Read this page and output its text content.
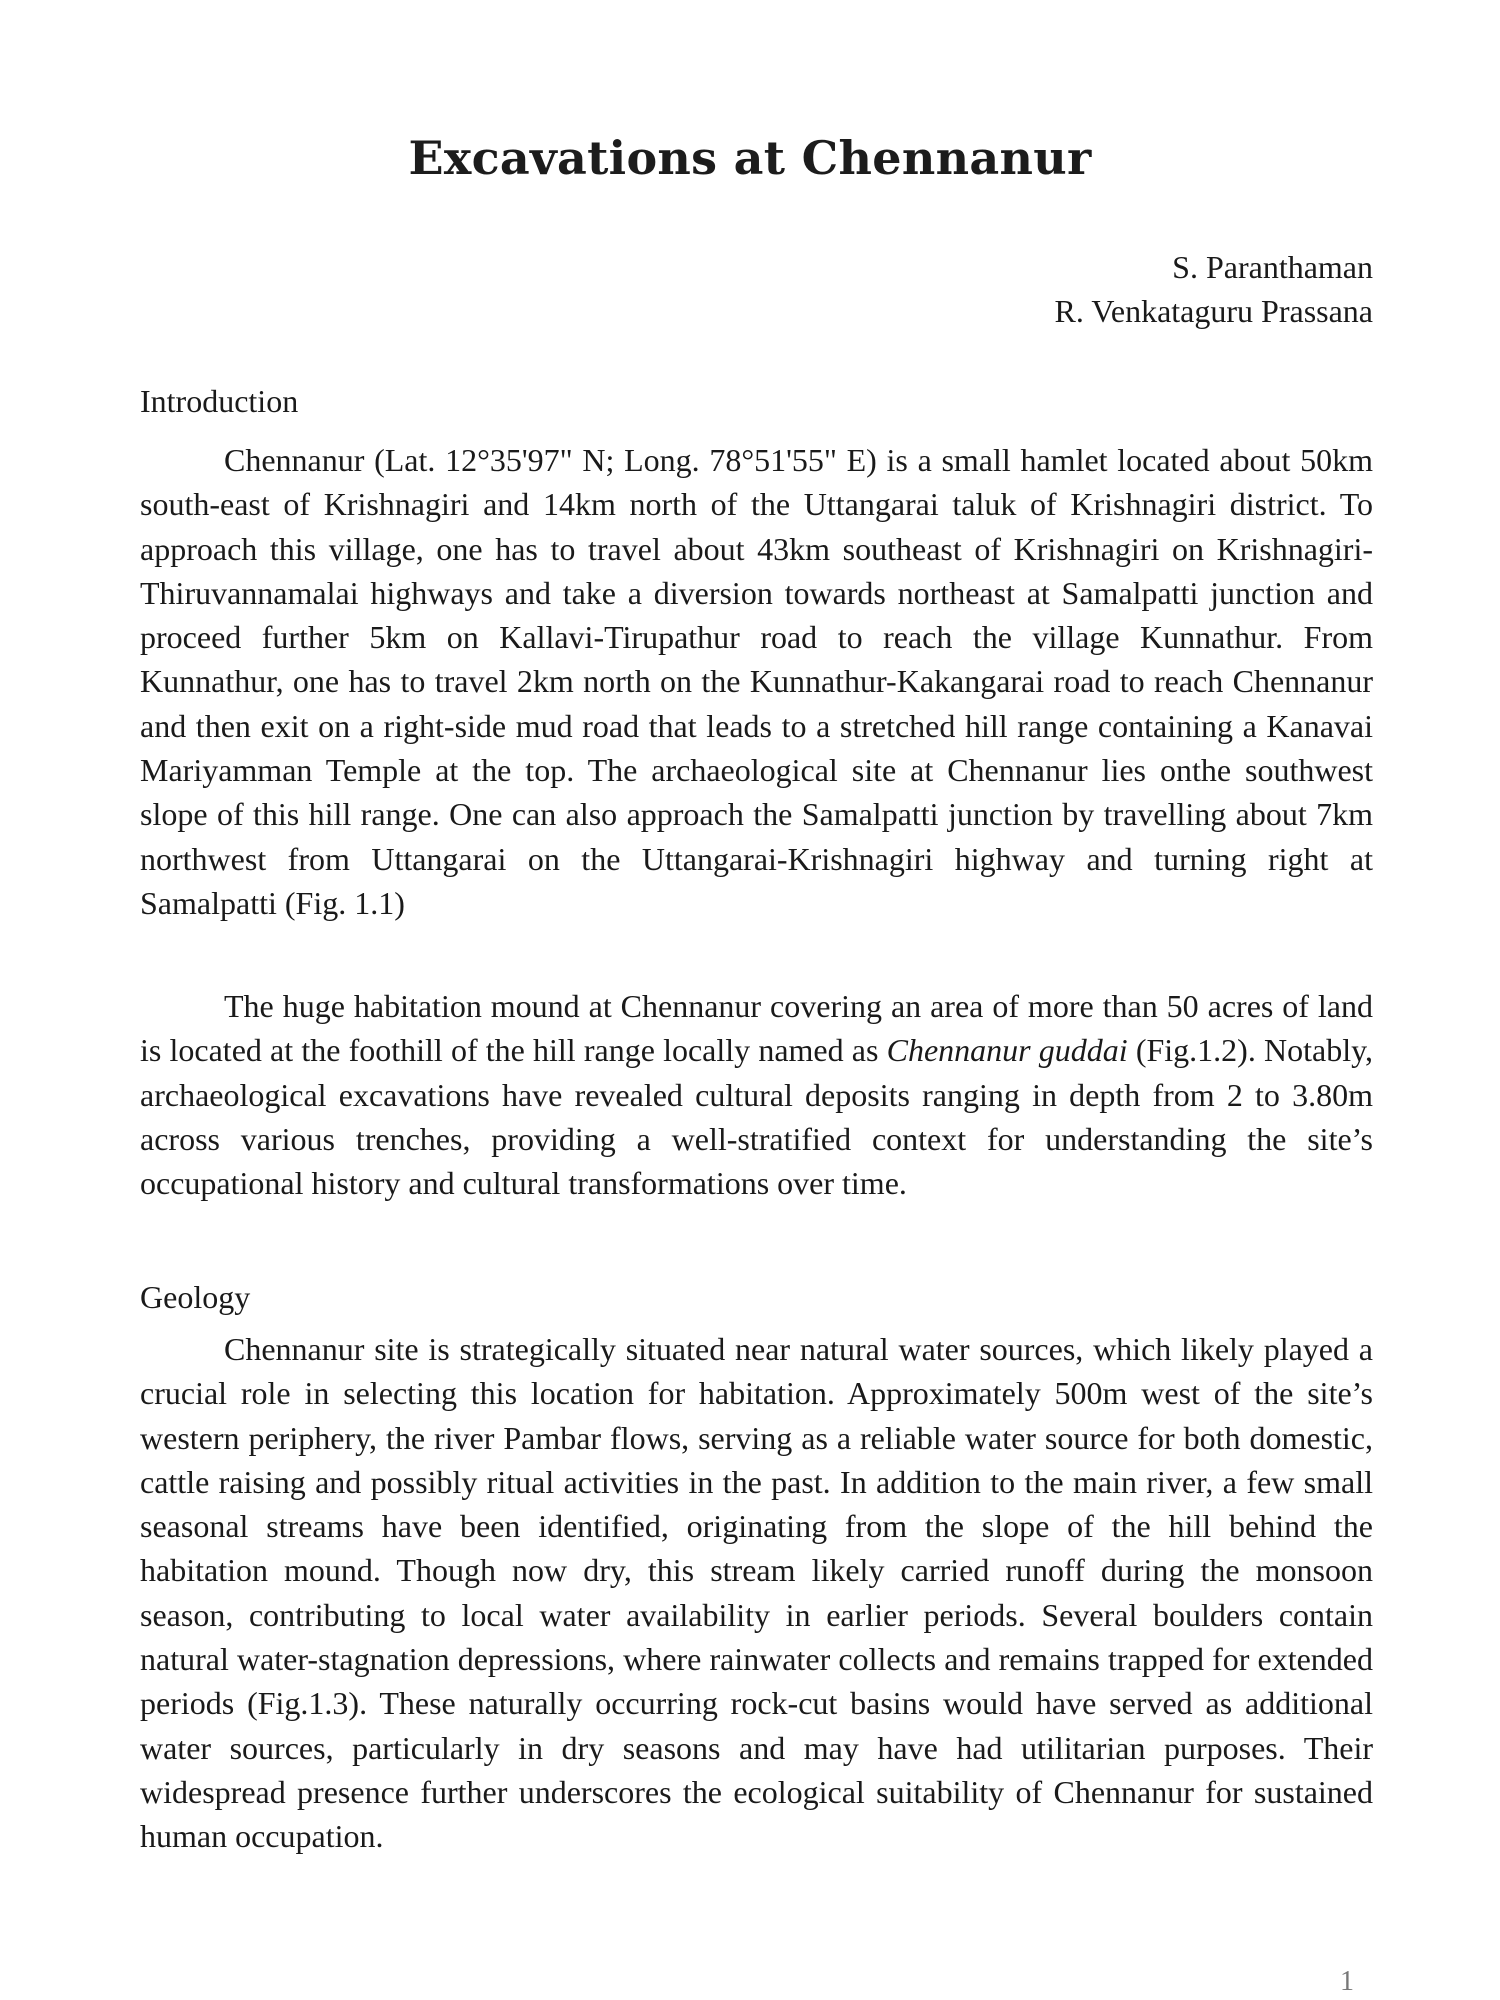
Excavations at Chennanur
S. Paranthaman
R. Venkataguru Prassana
Introduction

Chennanur (Lat. 12°35'97" N; Long. 78°51'55" E) is a small hamlet located about 50km south-east of Krishnagiri and 14km north of the Uttangarai taluk of Krishnagiri district. To approach this village, one has to travel about 43km southeast of Krishnagiri on Krishnagiri-Thiruvannamalai highways and take a diversion towards northeast at Samalpatti junction and proceed further 5km on Kallavi-Tirupathur road to reach the village Kunnathur. From Kunnathur, one has to travel 2km north on the Kunnathur-Kakangarai road to reach Chennanur and then exit on a right-side mud road that leads to a stretched hill range containing a Kanavai Mariyamman Temple at the top. The archaeological site at Chennanur lies onthe southwest slope of this hill range. One can also approach the Samalpatti junction by travelling about 7km northwest from Uttangarai on the Uttangarai-Krishnagiri highway and turning right at Samalpatti (Fig. 1.1)

The huge habitation mound at Chennanur covering an area of more than 50 acres of land is located at the foothill of the hill range locally named as Chennanur guddai (Fig.1.2). Notably, archaeological excavations have revealed cultural deposits ranging in depth from 2 to 3.80m across various trenches, providing a well-stratified context for understanding the site’s occupational history and cultural transformations over time.

Geology

Chennanur site is strategically situated near natural water sources, which likely played a crucial role in selecting this location for habitation. Approximately 500m west of the site’s western periphery, the river Pambar flows, serving as a reliable water source for both domestic, cattle raising and possibly ritual activities in the past. In addition to the main river, a few small seasonal streams have been identified, originating from the slope of the hill behind the habitation mound. Though now dry, this stream likely carried runoff during the monsoon season, contributing to local water availability in earlier periods. Several boulders contain natural water-stagnation depressions, where rainwater collects and remains trapped for extended periods (Fig.1.3). These naturally occurring rock-cut basins would have served as additional water sources, particularly in dry seasons and may have had utilitarian purposes. Their widespread presence further underscores the ecological suitability of Chennanur for sustained human occupation.

1
